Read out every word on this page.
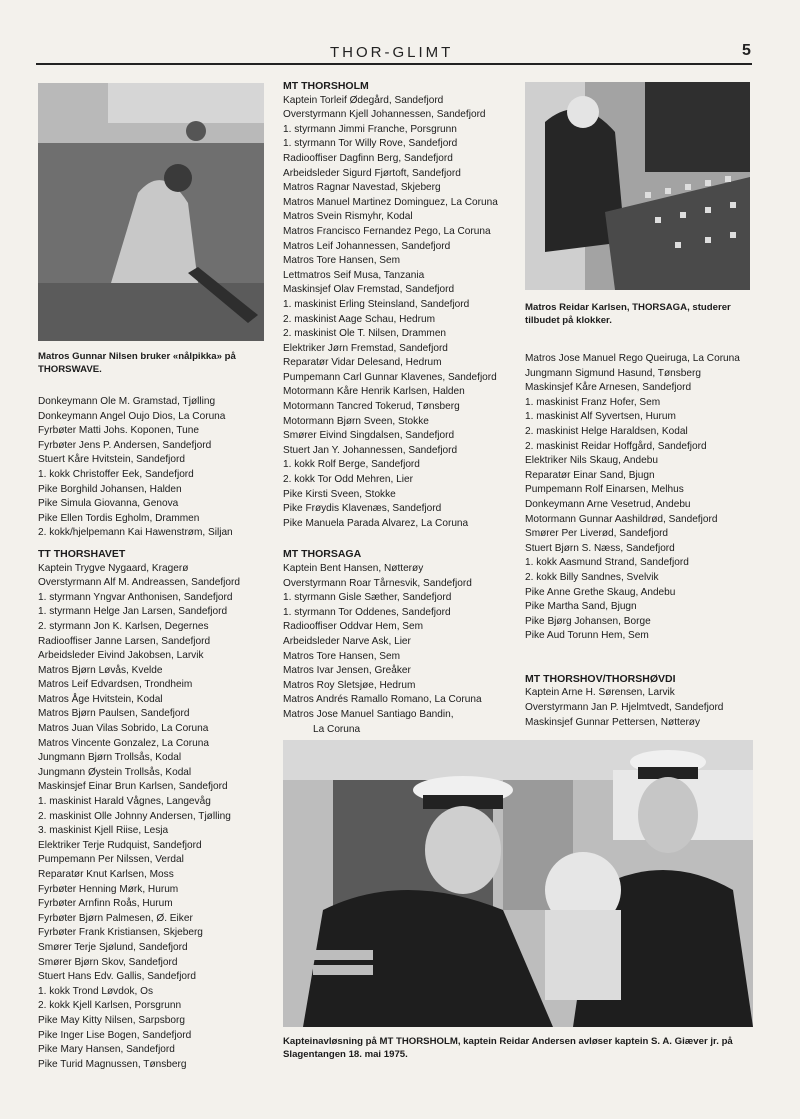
THOR-GLIMT	5
Matros Gunnar Nilsen bruker «nålpikka» på THORSWAVE.
Matros Reidar Karlsen, THORSAGA, studerer tilbudet på klokker.
Kapteinavløsning på MT THORSHOLM, kaptein Reidar Andersen avløser kaptein S. A. Giæver jr. på Slagentangen 18. mai 1975.
Donkeymann Ole M. Gramstad, Tjølling
Donkeymann Angel Oujo Dios, La Coruna
Fyrbøter Matti Johs. Koponen, Tune
Fyrbøter Jens P. Andersen, Sandefjord
Stuert Kåre Hvitstein, Sandefjord
1. kokk Christoffer Eek, Sandefjord
Pike Borghild Johansen, Halden
Pike Simula Giovanna, Genova
Pike Ellen Tordis Egholm, Drammen
2. kokk/hjelpemann Kai Hawenstrøm, Siljan
TT THORSHAVET
Kaptein Trygve Nygaard, Kragerø
Overstyrmann Alf M. Andreassen, Sandefjord
1. styrmann Yngvar Anthonisen, Sandefjord
1. styrmann Helge Jan Larsen, Sandefjord
2. styrmann Jon K. Karlsen, Degernes
Radiooffiser Janne Larsen, Sandefjord
Arbeidsleder Eivind Jakobsen, Larvik
Matros Bjørn Løvås, Kvelde
Matros Leif Edvardsen, Trondheim
Matros Åge Hvitstein, Kodal
Matros Bjørn Paulsen, Sandefjord
Matros Juan Vilas Sobrido, La Coruna
Matros Vincente Gonzalez, La Coruna
Jungmann Bjørn Trollsås, Kodal
Jungmann Øystein Trollsås, Kodal
Maskinsjef Einar Brun Karlsen, Sandefjord
1. maskinist Harald Vågnes, Langevåg
2. maskinist Olle Johnny Andersen, Tjølling
3. maskinist Kjell Riise, Lesja
Elektriker Terje Rudquist, Sandefjord
Pumpemann Per Nilssen, Verdal
Reparatør Knut Karlsen, Moss
Fyrbøter Henning Mørk, Hurum
Fyrbøter Arnfinn Roås, Hurum
Fyrbøter Bjørn Palmesen, Ø. Eiker
Fyrbøter Frank Kristiansen, Skjeberg
Smører Terje Sjølund, Sandefjord
Smører Bjørn Skov, Sandefjord
Stuert Hans Edv. Gallis, Sandefjord
1. kokk Trond Løvdok, Os
2. kokk Kjell Karlsen, Porsgrunn
Pike May Kitty Nilsen, Sarpsborg
Pike Inger Lise Bogen, Sandefjord
Pike Mary Hansen, Sandefjord
Pike Turid Magnussen, Tønsberg
MT THORSHOLM
Kaptein Torleif Ødegård, Sandefjord
Overstyrmann Kjell Johannessen, Sandefjord
1. styrmann Jimmi Franche, Porsgrunn
1. styrmann Tor Willy Rove, Sandefjord
Radiooffiser Dagfinn Berg, Sandefjord
Arbeidsleder Sigurd Fjørtoft, Sandefjord
Matros Ragnar Navestad, Skjeberg
Matros Manuel Martinez Dominguez, La Coruna
Matros Svein Rismyhr, Kodal
Matros Francisco Fernandez Pego, La Coruna
Matros Leif Johannessen, Sandefjord
Matros Tore Hansen, Sem
Lettmatros Seif Musa, Tanzania
Maskinsjef Olav Fremstad, Sandefjord
1. maskinist Erling Steinsland, Sandefjord
2. maskinist Aage Schau, Hedrum
2. maskinist Ole T. Nilsen, Drammen
Elektriker Jørn Fremstad, Sandefjord
Reparatør Vidar Delesand, Hedrum
Pumpemann Carl Gunnar Klavenes, Sandefjord
Motormann Kåre Henrik Karlsen, Halden
Motormann Tancred Tokerud, Tønsberg
Motormann Bjørn Sveen, Stokke
Smører Eivind Singdalsen, Sandefjord
Stuert Jan Y. Johannessen, Sandefjord
1. kokk Rolf Berge, Sandefjord
2. kokk Tor Odd Mehren, Lier
Pike Kirsti Sveen, Stokke
Pike Frøydis Klavenæs, Sandefjord
Pike Manuela Parada Alvarez, La Coruna
MT THORSAGA
Kaptein Bent Hansen, Nøtterøy
Overstyrmann Roar Tårnesvik, Sandefjord
1. styrmann Gisle Sæther, Sandefjord
1. styrmann Tor Oddenes, Sandefjord
Radiooffiser Oddvar Hem, Sem
Arbeidsleder Narve Ask, Lier
Matros Tore Hansen, Sem
Matros Ivar Jensen, Greåker
Matros Roy Sletsjøe, Hedrum
Matros Andrés Ramallo Romano, La Coruna
Matros Jose Manuel Santiago Bandin,
La Coruna
Matros Jose Manuel Rego Queiruga, La Coruna
Jungmann Sigmund Hasund, Tønsberg
Maskinsjef Kåre Arnesen, Sandefjord
1. maskinist Franz Hofer, Sem
1. maskinist Alf Syvertsen, Hurum
2. maskinist Helge Haraldsen, Kodal
2. maskinist Reidar Hoffgård, Sandefjord
Elektriker Nils Skaug, Andebu
Reparatør Einar Sand, Bjugn
Pumpemann Rolf Einarsen, Melhus
Donkeymann Arne Vesetrud, Andebu
Motormann Gunnar Aashildrød, Sandefjord
Smører Per Liverød, Sandefjord
Stuert Bjørn S. Næss, Sandefjord
1. kokk Aasmund Strand, Sandefjord
2. kokk Billy Sandnes, Svelvik
Pike Anne Grethe Skaug, Andebu
Pike Martha Sand, Bjugn
Pike Bjørg Johansen, Borge
Pike Aud Torunn Hem, Sem
MT THORSHOV/THORSHØVDI
Kaptein Arne H. Sørensen, Larvik
Overstyrmann Jan P. Hjelmtvedt, Sandefjord
Maskinsjef Gunnar Pettersen, Nøtterøy
